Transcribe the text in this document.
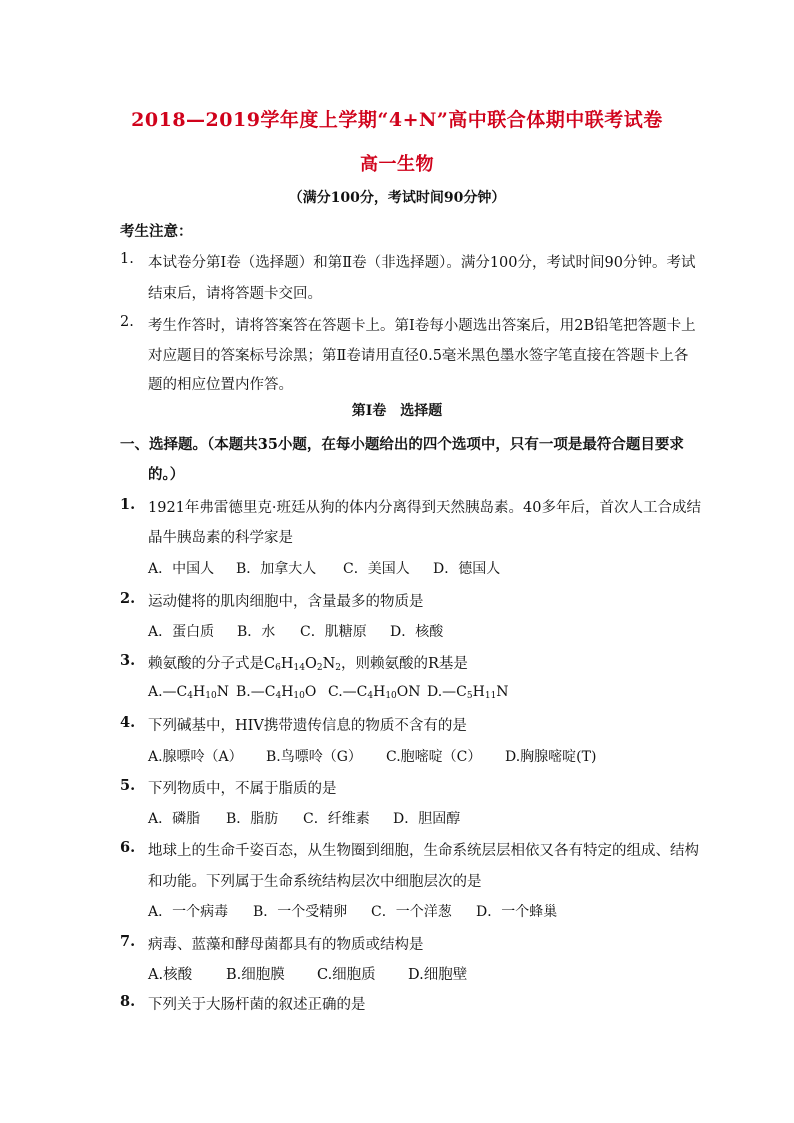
2018—2019学年度上学期“4+N”高中联合体期中联考试卷
高一生物
（满分100分，考试时间90分钟）
考生注意：
1. 本试卷分第Ⅰ卷（选择题）和第Ⅱ卷（非选择题）。满分100分，考试时间90分钟。考试
结束后，请将答题卡交回。
2. 考生作答时，请将答案答在答题卡上。第Ⅰ卷每小题选出答案后，用2B铅笔把答题卡上
对应题目的答案标号涂黑；第Ⅱ卷请用直径0.5毫米黑色墨水签字笔直接在答题卡上各
题的相应位置内作答。
第Ⅰ卷　选择题
一、选择题。（本题共35小题，在每小题给出的四个选项中，只有一项是最符合题目要求
的。）
1. 1921年弗雷德里克·班廷从狗的体内分离得到天然胰岛素。40多年后，首次人工合成结
晶牛胰岛素的科学家是
A．中国人 B．加拿大人 C．美国人 D．德国人
2. 运动健将的肌肉细胞中，含量最多的物质是
A．蛋白质 B．水 C．肌糖原 D．核酸
3. 赖氨酸的分子式是$C_6H_{14}O_2N_2$，则赖氨酸的R基是
$A.—C_4H_{10}N$ $B.—C_4H_{10}O$ $C.—C_4H_{10}ON$ $D.—C_5H_{11}N$
4. 下列碱基中，HIV携带遗传信息的物质不含有的是
A.腺嘌呤（A） B.鸟嘌呤（G） C.胞嘧啶（C） D.胸腺嘧啶(T)
5. 下列物质中，不属于脂质的是
A．磷脂 B．脂肪 C．纤维素 D．胆固醇
6. 地球上的生命千姿百态，从生物圈到细胞，生命系统层层相依又各有特定的组成、结构
和功能。下列属于生命系统结构层次中细胞层次的是
A．一个病毒 B．一个受精卵 C．一个洋葱 D．一个蜂巢
7. 病毒、蓝藻和酵母菌都具有的物质或结构是
A.核酸 B.细胞膜 C.细胞质 D.细胞壁
8. 下列关于大肠杆菌的叙述正确的是
